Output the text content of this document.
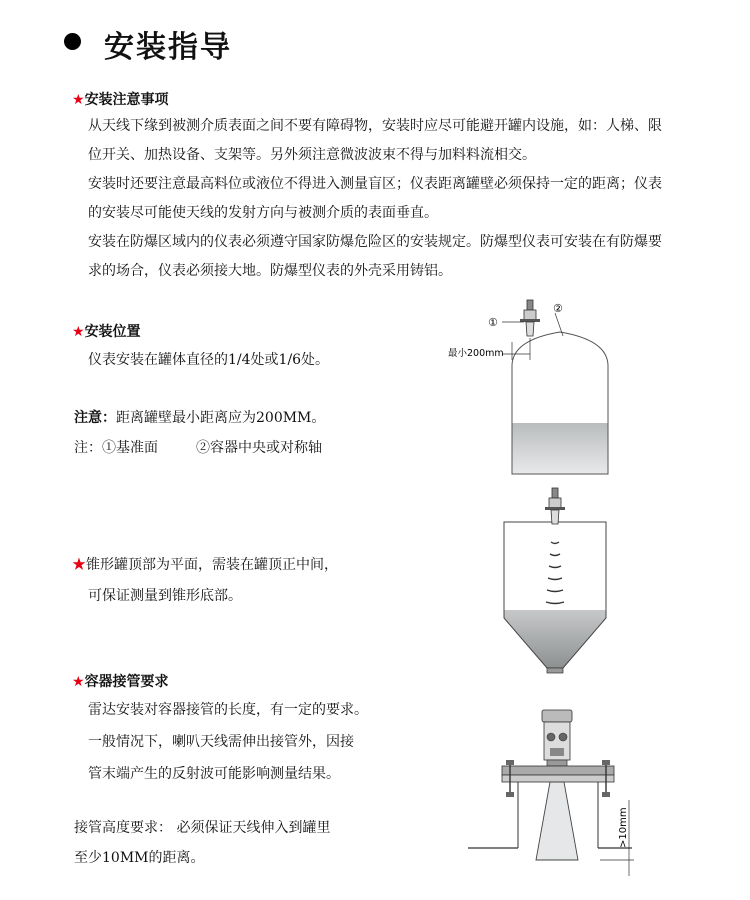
安装指导
★安装注意事项
从天线下缘到被测介质表面之间不要有障碍物，安装时应尽可能避开罐内设施，如：人梯、限
位开关、加热设备、支架等。另外须注意微波波束不得与加料料流相交。
安装时还要注意最高料位或液位不得进入测量盲区；仪表距离罐壁必须保持一定的距离；仪表
的安装尽可能使天线的发射方向与被测介质的表面垂直。
安装在防爆区域内的仪表必须遵守国家防爆危险区的安装规定。防爆型仪表可安装在有防爆要
求的场合，仪表必须接大地。防爆型仪表的外壳采用铸铝。
★安装位置
仪表安装在罐体直径的1/4处或1/6处。
注意：距离罐壁最小距离应为200MM。
注：①基准面	②容器中央或对称轴
①
②
最小200mm
★锥形罐顶部为平面，需装在罐顶正中间，
可保证测量到锥形底部。
★容器接管要求
雷达安装对容器接管的长度，有一定的要求。
一般情况下，喇叭天线需伸出接管外，因接
管末端产生的反射波可能影响测量结果。
接管高度要求： 必须保证天线伸入到罐里
至少10MM的距离。
>10mm
